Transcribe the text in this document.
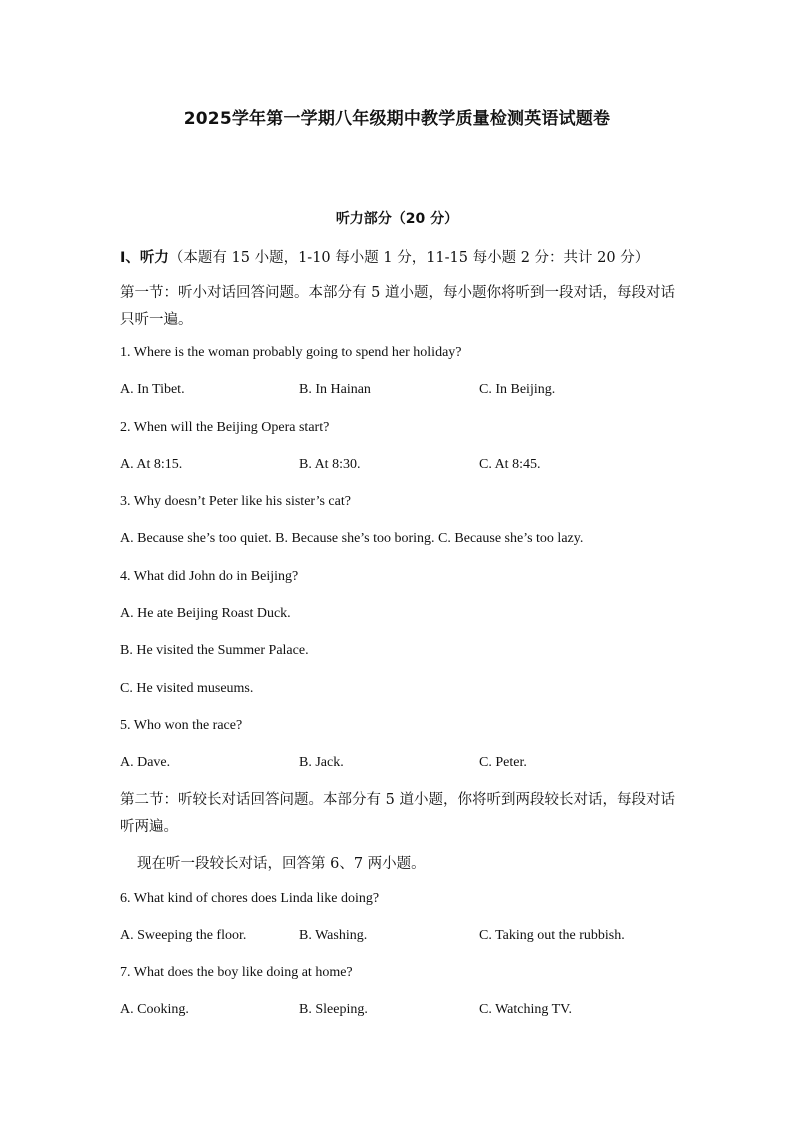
2025学年第一学期八年级期中教学质量检测英语试题卷
听力部分（20 分）
Ⅰ、听力（本题有 15 小题，1-10 每小题 1 分，11-15 每小题 2 分：共计 20 分）
第一节：听小对话回答问题。本部分有 5 道小题，每小题你将听到一段对话，每段对话只听一遍。
1. Where is the woman probably going to spend her holiday?
A. In Tibet.	B. In Hainan	C. In Beijing.
2. When will the Beijing Opera start?
A. At 8:15.	B. At 8:30.	C. At 8:45.
3. Why doesn’t Peter like his sister’s cat?
A. Because she’s too quiet. B. Because she’s too boring. C. Because she’s too lazy.
4. What did John do in Beijing?
A. He ate Beijing Roast Duck.
B. He visited the Summer Palace.
C. He visited museums.
5. Who won the race?
A. Dave.	B. Jack.	C. Peter.
第二节：听较长对话回答问题。本部分有 5 道小题，你将听到两段较长对话，每段对话听两遍。
现在听一段较长对话，回答第 6、7 两小题。
6. What kind of chores does Linda like doing?
A. Sweeping the floor.	B. Washing.	C. Taking out the rubbish.
7. What does the boy like doing at home?
A. Cooking.	B. Sleeping.	C. Watching TV.
